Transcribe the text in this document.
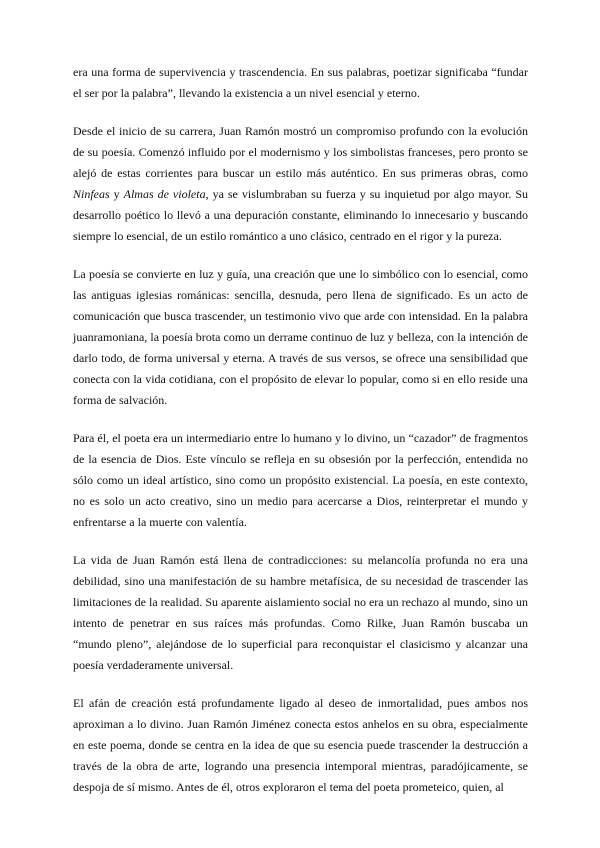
era una forma de supervivencia y trascendencia. En sus palabras, poetizar significaba “fundar el ser por la palabra”, llevando la existencia a un nivel esencial y eterno.

Desde el inicio de su carrera, Juan Ramón mostró un compromiso profundo con la evolución de su poesía. Comenzó influido por el modernismo y los simbolistas franceses, pero pronto se alejó de estas corrientes para buscar un estilo más auténtico. En sus primeras obras, como Ninfeas y Almas de violeta, ya se vislumbraban su fuerza y su inquietud por algo mayor. Su desarrollo poético lo llevó a una depuración constante, eliminando lo innecesario y buscando siempre lo esencial, de un estilo romántico a uno clásico, centrado en el rigor y la pureza.

La poesía se convierte en luz y guía, una creación que une lo simbólico con lo esencial, como las antiguas iglesias románicas: sencilla, desnuda, pero llena de significado. Es un acto de comunicación que busca trascender, un testimonio vivo que arde con intensidad. En la palabra juanramoniana, la poesía brota como un derrame continuo de luz y belleza, con la intención de darlo todo, de forma universal y eterna. A través de sus versos, se ofrece una sensibilidad que conecta con la vida cotidiana, con el propósito de elevar lo popular, como si en ello reside una forma de salvación.

Para él, el poeta era un intermediario entre lo humano y lo divino, un “cazador” de fragmentos de la esencia de Dios. Este vínculo se refleja en su obsesión por la perfección, entendida no sólo como un ideal artístico, sino como un propósito existencial. La poesía, en este contexto, no es solo un acto creativo, sino un medio para acercarse a Dios, reinterpretar el mundo y enfrentarse a la muerte con valentía.

La vida de Juan Ramón está llena de contradicciones: su melancolía profunda no era una debilidad, sino una manifestación de su hambre metafísica, de su necesidad de trascender las limitaciones de la realidad. Su aparente aislamiento social no era un rechazo al mundo, sino un intento de penetrar en sus raíces más profundas. Como Rilke, Juan Ramón buscaba un “mundo pleno”, alejándose de lo superficial para reconquistar el clasicismo y alcanzar una poesía verdaderamente universal.

El afán de creación está profundamente ligado al deseo de inmortalidad, pues ambos nos aproximan a lo divino. Juan Ramón Jiménez conecta estos anhelos en su obra, especialmente en este poema, donde se centra en la idea de que su esencia puede trascender la destrucción a través de la obra de arte, logrando una presencia intemporal mientras, paradójicamente, se despoja de sí mismo. Antes de él, otros exploraron el tema del poeta prometeico, quien, al
